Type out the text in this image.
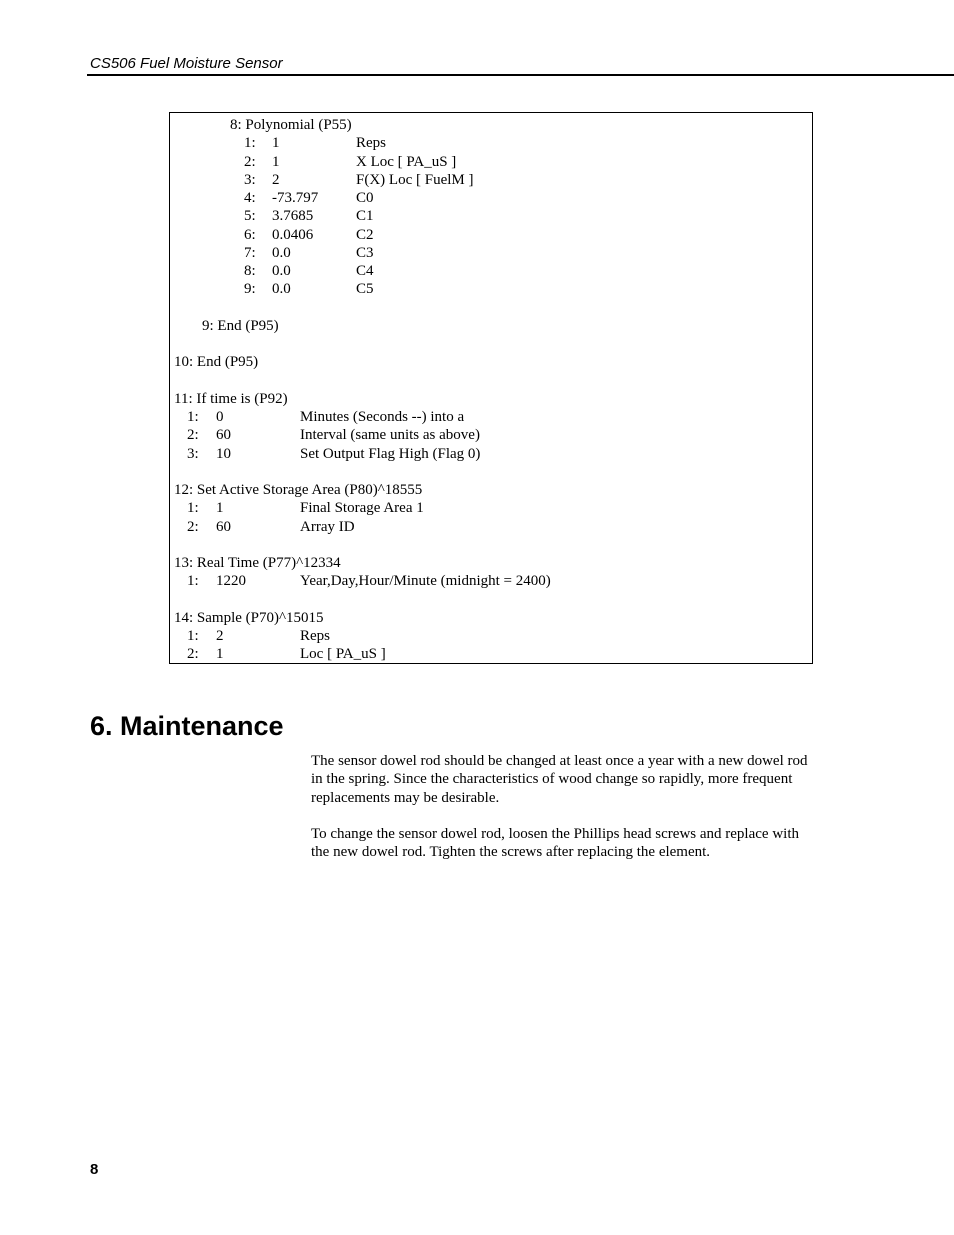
CS506 Fuel Moisture Sensor
8: Polynomial (P55)
1: 1	Reps
2: 1	X Loc [ PA_uS ]
3: 2	F(X) Loc [ FuelM ]
4: -73.797	C0
5: 3.7685	C1
6: 0.0406	C2
7: 0.0	C3
8: 0.0	C4
9: 0.0	C5
9: End (P95)
10: End (P95)
11: If time is (P92)
1: 0	Minutes (Seconds --) into a
2: 60	Interval (same units as above)
3: 10	Set Output Flag High (Flag 0)
12: Set Active Storage Area (P80)^18555
1: 1	Final Storage Area 1
2: 60	Array ID
13: Real Time (P77)^12334
1: 1220	Year,Day,Hour/Minute (midnight = 2400)
14: Sample (P70)^15015
1: 2	Reps
2: 1	Loc [ PA_uS ]
6. Maintenance

The sensor dowel rod should be changed at least once a year with a new dowel rod in the spring. Since the characteristics of wood change so rapidly, more frequent replacements may be desirable.

To change the sensor dowel rod, loosen the Phillips head screws and replace with the new dowel rod. Tighten the screws after replacing the element.

8
